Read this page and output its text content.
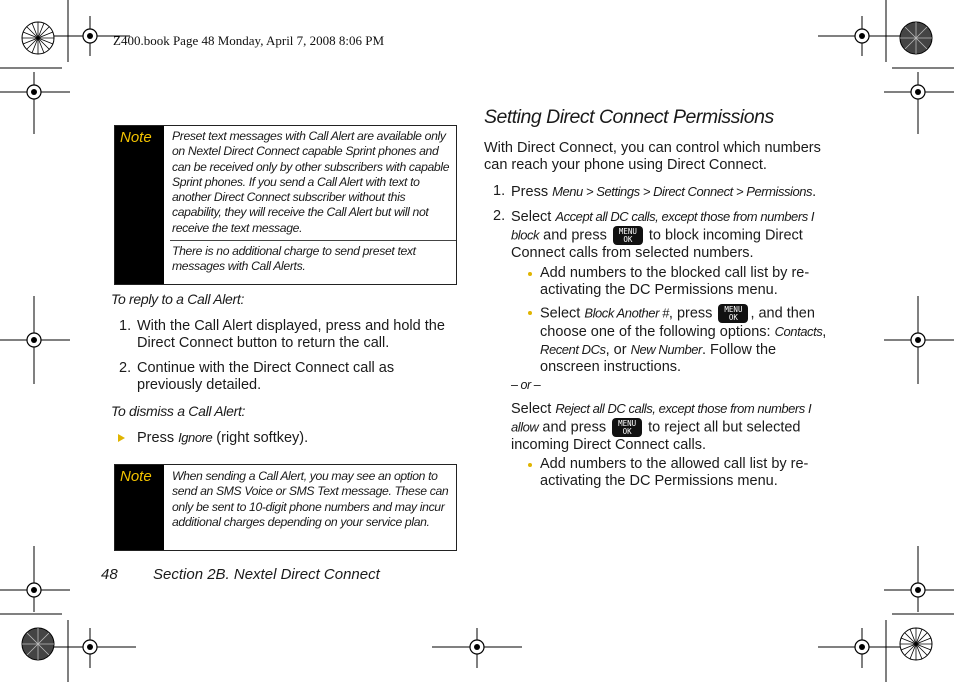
Z400.book Page 48 Monday, April 7, 2008 8:06 PM
Note	Preset text messages with Call Alert are available only on Nextel Direct Connect capable Sprint phones and can be received only by other subscribers with capable Sprint phones. If you send a Call Alert with text to another Direct Connect subscriber without this capability, they will receive the Call Alert but will not receive the text message.
There is no additional charge to send preset text messages with Call Alerts.
To reply to a Call Alert:
1. With the Call Alert displayed, press and hold the Direct Connect button to return the call.
2. Continue with the Direct Connect call as previously detailed.
To dismiss a Call Alert:
Press Ignore (right softkey).
Note	When sending a Call Alert, you may see an option to send an SMS Voice or SMS Text message. These can only be sent to 10-digit phone numbers and may incur additional charges depending on your service plan.
48 Section 2B. Nextel Direct Connect
Setting Direct Connect Permissions
With Direct Connect, you can control which numbers can reach your phone using Direct Connect.
1. Press Menu > Settings > Direct Connect > Permissions.
2. Select Accept all DC calls, except those from numbers I block and press MENU
OK to block incoming Direct Connect calls from selected numbers.
Add numbers to the blocked call list by re-activating the DC Permissions menu.
Select Block Another #, press MENU
OK , and then choose one of the following options: Contacts, Recent DCs, or New Number. Follow the onscreen instructions.
– or –
Select Reject all DC calls, except those from numbers I allow and press MENU
OK to reject all but selected incoming Direct Connect calls.
Add numbers to the allowed call list by re-activating the DC Permissions menu.
